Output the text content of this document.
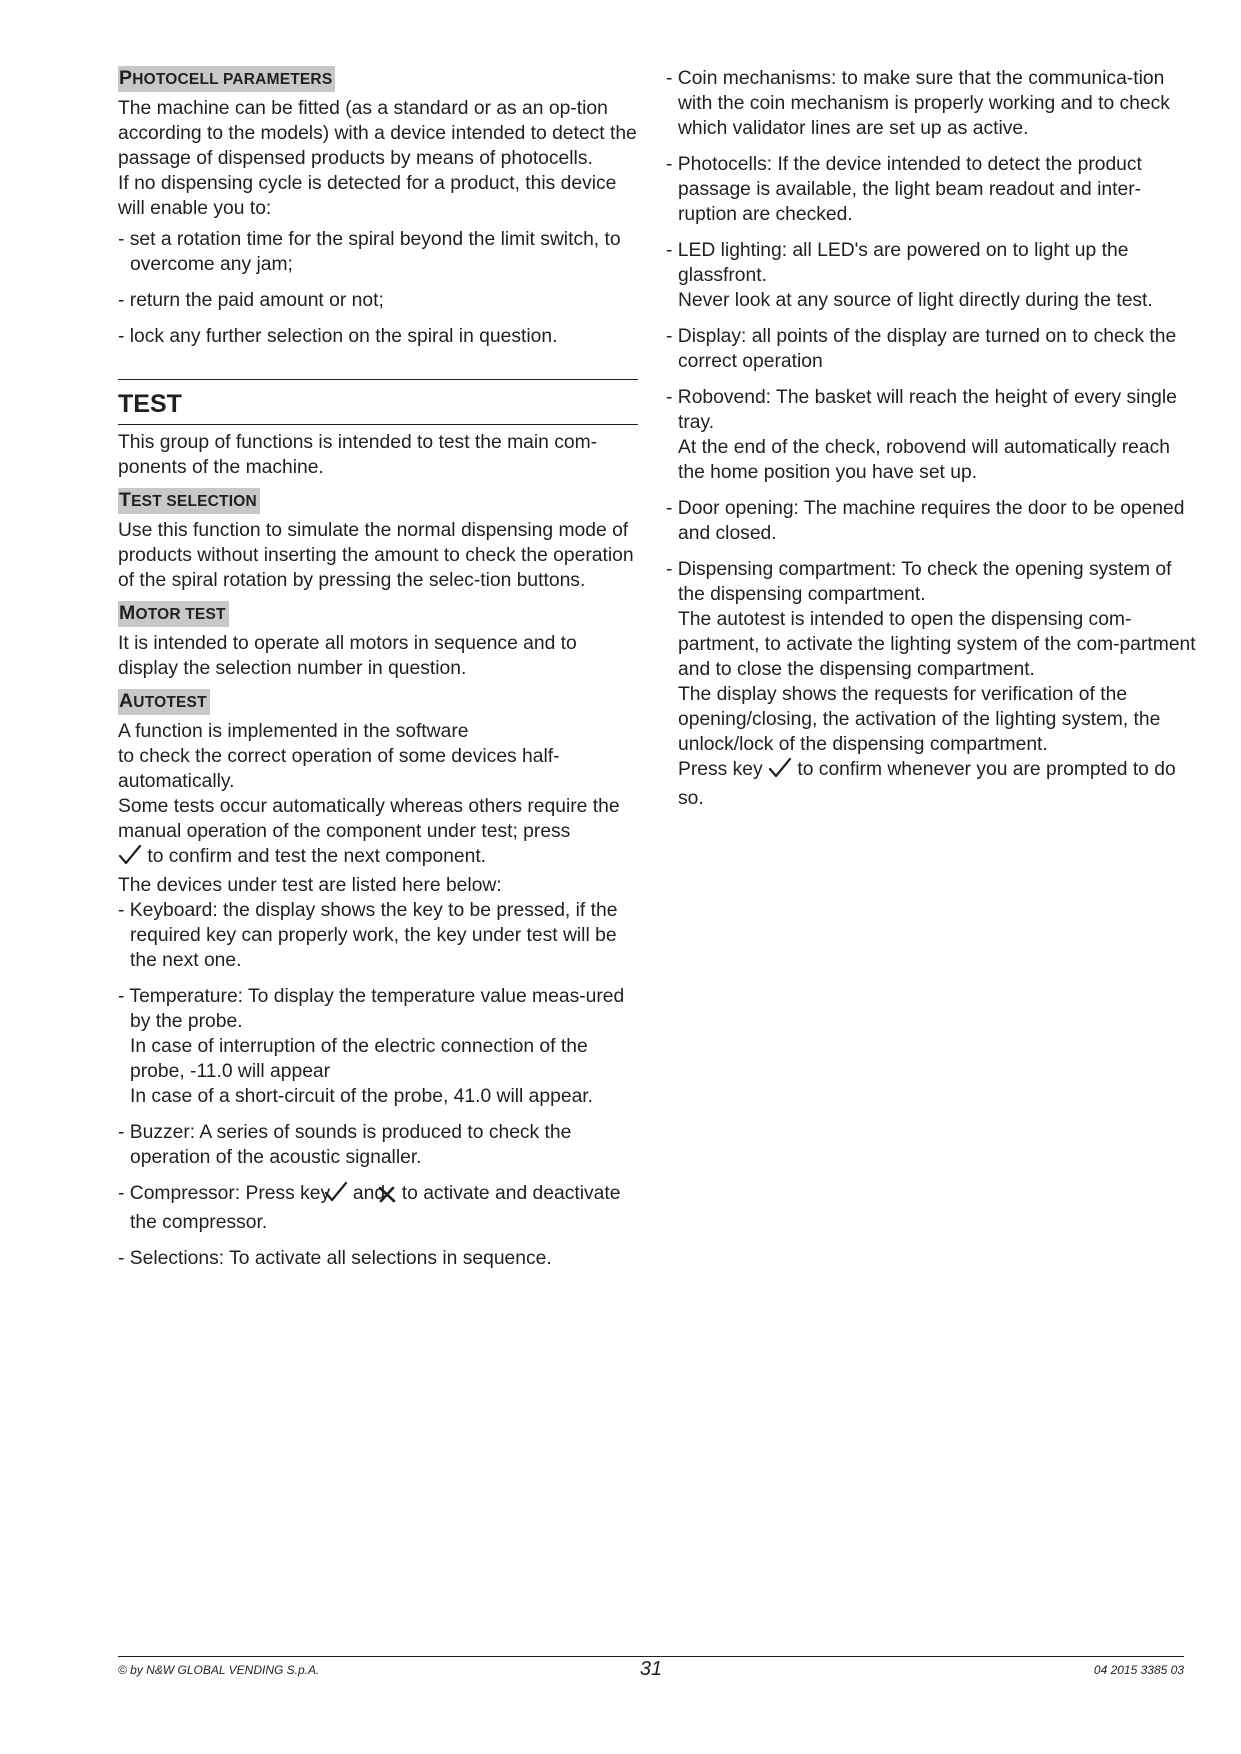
PHOTOCELL PARAMETERS

The machine can be fitted (as a standard or as an op-tion according to the models) with a device intended to detect the passage of dispensed products by means of photocells.

If no dispensing cycle is detected for a product, this device will enable you to:

- set a rotation time for the spiral beyond the limit switch, to overcome any jam;

- return the paid amount or not;

- lock any further selection on the spiral in question.

TEST

This group of functions is intended to test the main com-ponents of the machine.

TEST SELECTION

Use this function to simulate the normal dispensing mode of products without inserting the amount to check the operation of the spiral rotation by pressing the selec-tion buttons.

MOTOR TEST

It is intended to operate all motors in sequence and to display the selection number in question.

AUTOTEST

A function is implemented in the software

to check the correct operation of some devices half-automatically.

Some tests occur automatically whereas others require the manual operation of the component under test; press

to confirm and test the next component.

The devices under test are listed here below:

- Keyboard: the display shows the key to be pressed, if the required key can properly work, the key under test will be the next one.

- Temperature: To display the temperature value meas-ured by the probe.

In case of interruption of the electric connection of the probe, -11.0 will appear

In case of a short-circuit of the probe, 41.0 will appear.

- Buzzer: A series of sounds is produced to check the operation of the acoustic signaller.

- Compressor: Press key and to activate and deactivate the compressor.

- Selections: To activate all selections in sequence.

- Coin mechanisms: to make sure that the communica-tion with the coin mechanism is properly working and to check which validator lines are set up as active.

- Photocells: If the device intended to detect the product passage is available, the light beam readout and inter-ruption are checked.

- LED lighting: all LED's are powered on to light up the glassfront.

Never look at any source of light directly during the test.

- Display: all points of the display are turned on to check the correct operation

- Robovend: The basket will reach the height of every single tray.

At the end of the check, robovend will automatically reach the home position you have set up.

- Door opening: The machine requires the door to be opened and closed.

- Dispensing compartment: To check the opening system of the dispensing compartment.

The autotest is intended to open the dispensing com-partment, to activate the lighting system of the com-partment and to close the dispensing compartment.

The display shows the requests for verification of the opening/closing, the activation of the lighting system, the unlock/lock of the dispensing compartment.

Press key to confirm whenever you are prompted to do so.

© by N&W GLOBAL VENDING S.p.A.	31	04 2015 3385 03
